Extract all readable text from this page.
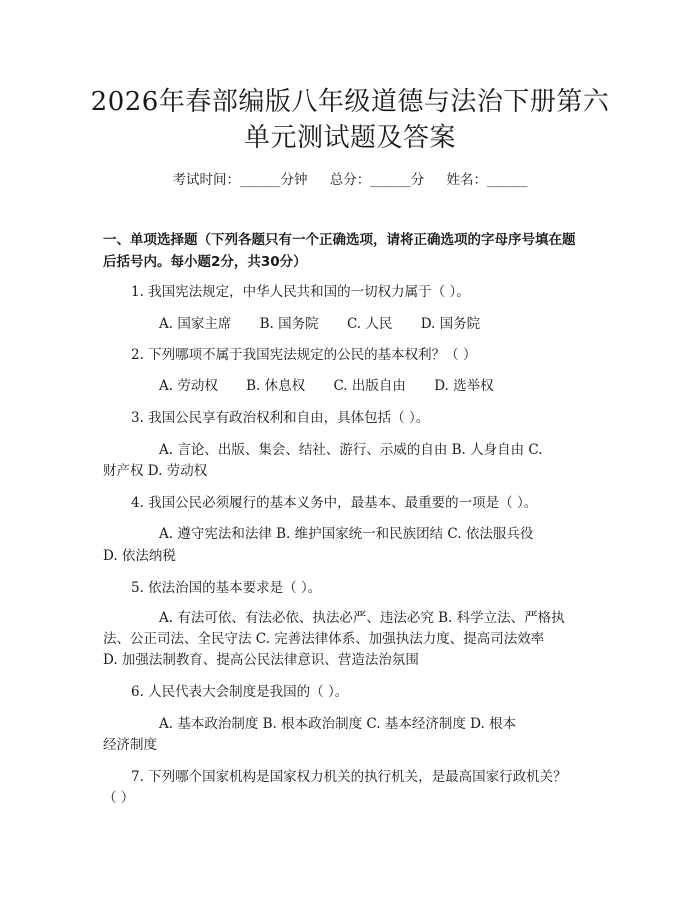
2026年春部编版八年级道德与法治下册第六
单元测试题及答案
考试时间：______分钟 总分：______分 姓名：______
一、单项选择题（下列各题只有一个正确选项，请将正确选项的字母序号填在题
后括号内。每小题2分，共30分）
1. 我国宪法规定，中华人民共和国的一切权力属于（ ）。
A. 国家主席 B. 国务院 C. 人民 D. 国务院
2. 下列哪项不属于我国宪法规定的公民的基本权利？（ ）
A. 劳动权 B. 休息权 C. 出版自由 D. 选举权
3. 我国公民享有政治权利和自由，具体包括（ ）。
A. 言论、出版、集会、结社、游行、示威的自由 B. 人身自由 C.
财产权 D. 劳动权
4. 我国公民必须履行的基本义务中，最基本、最重要的一项是（ ）。
A. 遵守宪法和法律 B. 维护国家统一和民族团结 C. 依法服兵役
D. 依法纳税
5. 依法治国的基本要求是（ ）。
A. 有法可依、有法必依、执法必严、违法必究 B. 科学立法、严格执
法、公正司法、全民守法 C. 完善法律体系、加强执法力度、提高司法效率
D. 加强法制教育、提高公民法律意识、营造法治氛围
6. 人民代表大会制度是我国的（ ）。
A. 基本政治制度 B. 根本政治制度 C. 基本经济制度 D. 根本
经济制度
7. 下列哪个国家机构是国家权力机关的执行机关，是最高国家行政机关？
（ ）
